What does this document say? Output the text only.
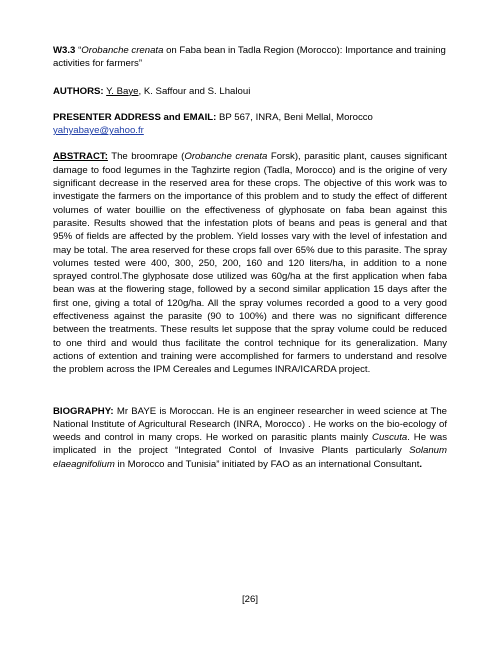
W3.3 “Orobanche crenata on Faba bean in Tadla Region (Morocco): Importance and training activities for farmers”

AUTHORS: Y. Baye, K. Saffour and S. Lhaloui

PRESENTER ADDRESS and EMAIL: BP 567, INRA, Beni Mellal, Morocco
yahyabaye@yahoo.fr

ABSTRACT: The broomrape (Orobanche crenata Forsk), parasitic plant, causes significant damage to food legumes in the Taghzirte region (Tadla, Morocco) and is the origine of very significant decrease in the reserved area for these crops. The objective of this work was to investigate the farmers on the importance of this problem and to study the effect of different volumes of water bouillie on the effectiveness of glyphosate on faba bean against this parasite. Results showed that the infestation plots of beans and peas is general and that 95% of fields are affected by the problem. Yield losses vary with the level of infestation and may be total. The area reserved for these crops fall over 65% due to this parasite. The spray volumes tested were 400, 300, 250, 200, 160 and 120 liters/ha, in addition to a none sprayed control.The glyphosate dose utilized was 60g/ha at the first application when faba bean was at the flowering stage, followed by a second similar application 15 days after the first one, giving a total of 120g/ha. All the spray volumes recorded a good to a very good effectiveness against the parasite (90 to 100%) and there was no significant difference between the treatments. These results let suppose that the spray volume could be reduced to one third and would thus facilitate the control technique for its generalization. Many actions of extention and training were accomplished for farmers to understand and resolve the problem across the IPM Cereales and Legumes INRA/ICARDA project.

BIOGRAPHY: Mr BAYE is Moroccan. He is an engineer researcher in weed science at The National Institute of Agricultural Research (INRA, Morocco) . He works on the bio-ecology of weeds and control in many crops. He worked on parasitic plants mainly Cuscuta. He was implicated in the project “Integrated Contol of Invasive Plants particularly Solanum elaeagnifolium in Morocco and Tunisia” initiated by FAO as an international Consultant.

[26]
